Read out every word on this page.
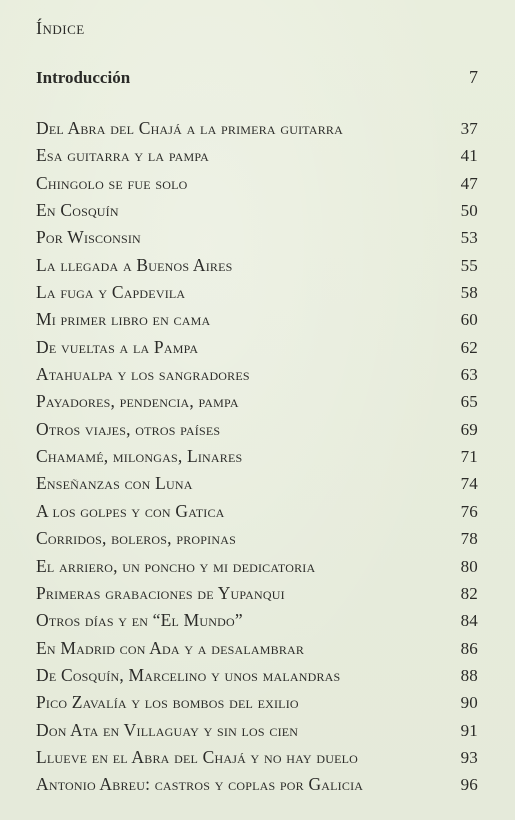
Índice
Introducción	7
Del Abra del Chajá a la primera guitarra	37
Esa guitarra y la pampa	41
Chingolo se fue solo	47
En Cosquín	50
Por Wisconsin	53
La llegada a Buenos Aires	55
La fuga y Capdevila	58
Mi primer libro en cama	60
De vueltas a la Pampa	62
Atahualpa y los sangradores	63
Payadores, pendencia, pampa	65
Otros viajes, otros países	69
Chamamé, milongas, Linares	71
Enseñanzas con Luna	74
A los golpes y con Gatica	76
Corridos, boleros, propinas	78
El arriero, un poncho y mi dedicatoria	80
Primeras grabaciones de Yupanqui	82
Otros días y en “El Mundo”	84
En Madrid con Ada y a desalambrar	86
De Cosquín, Marcelino y unos malandras	88
Pico Zavalía y los bombos del exilio	90
Don Ata en Villaguay y sin los cien	91
Llueve en el Abra del Chajá y no hay duelo	93
Antonio Abreu: castros y coplas por Galicia	96
